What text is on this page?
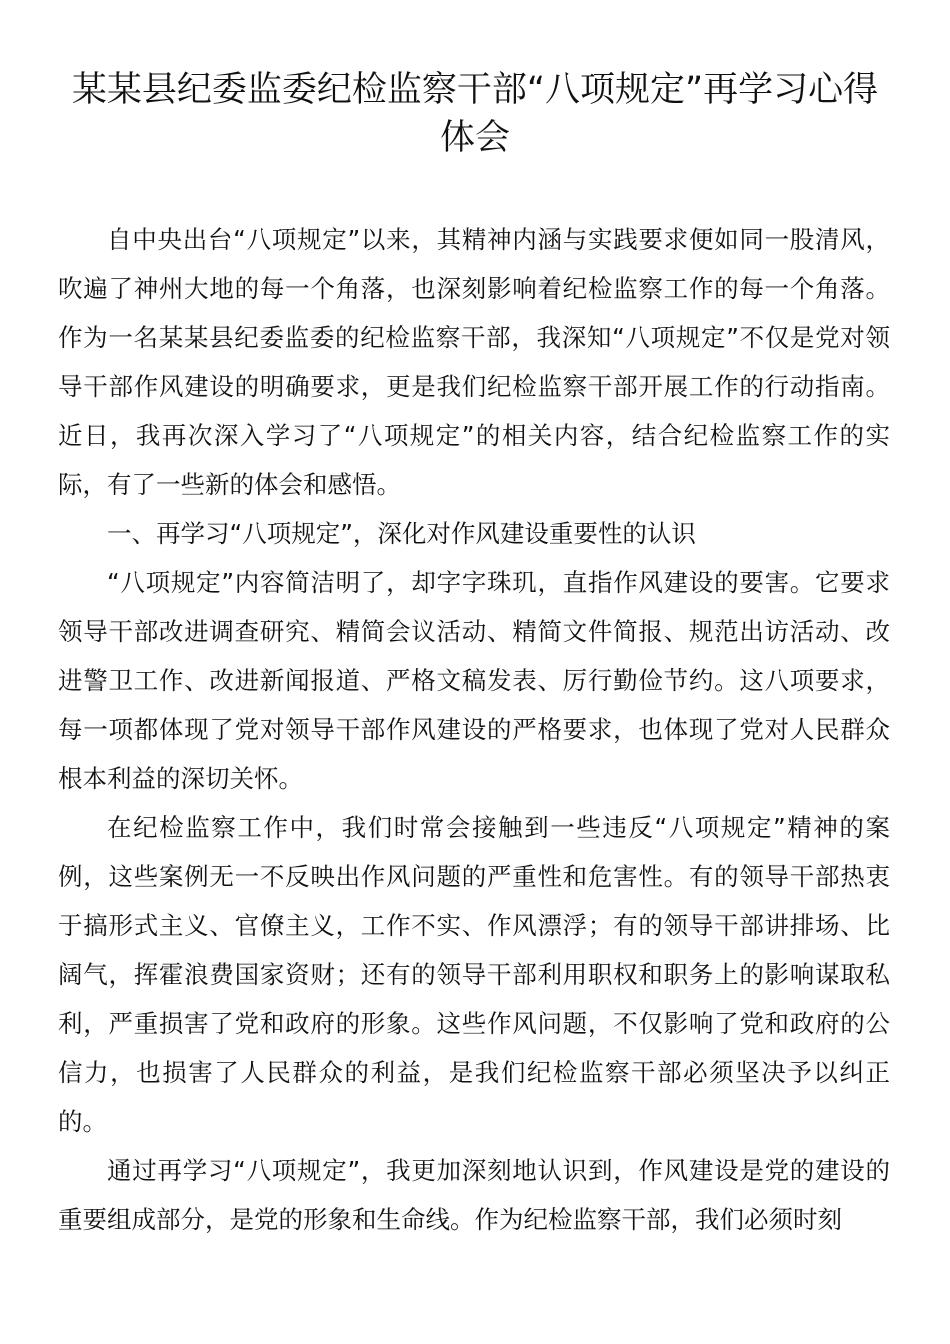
某某县纪委监委纪检监察干部“八项规定”再学习心得体会

自中央出台“八项规定”以来，其精神内涵与实践要求便如同一股清风，吹遍了神州大地的每一个角落，也深刻影响着纪检监察工作的每一个角落。作为一名某某县纪委监委的纪检监察干部，我深知“八项规定”不仅是党对领导干部作风建设的明确要求，更是我们纪检监察干部开展工作的行动指南。近日，我再次深入学习了“八项规定”的相关内容，结合纪检监察工作的实际，有了一些新的体会和感悟。

一、再学习“八项规定”，深化对作风建设重要性的认识

“八项规定”内容简洁明了，却字字珠玑，直指作风建设的要害。它要求领导干部改进调查研究、精简会议活动、精简文件简报、规范出访活动、改进警卫工作、改进新闻报道、严格文稿发表、厉行勤俭节约。这八项要求，每一项都体现了党对领导干部作风建设的严格要求，也体现了党对人民群众根本利益的深切关怀。

在纪检监察工作中，我们时常会接触到一些违反“八项规定”精神的案例，这些案例无一不反映出作风问题的严重性和危害性。有的领导干部热衷于搞形式主义、官僚主义，工作不实、作风漂浮；有的领导干部讲排场、比阔气，挥霍浪费国家资财；还有的领导干部利用职权和职务上的影响谋取私利，严重损害了党和政府的形象。这些作风问题，不仅影响了党和政府的公信力，也损害了人民群众的利益，是我们纪检监察干部必须坚决予以纠正的。

通过再学习“八项规定”，我更加深刻地认识到，作风建设是党的建设的重要组成部分，是党的形象和生命线。作为纪检监察干部，我们必须时刻
